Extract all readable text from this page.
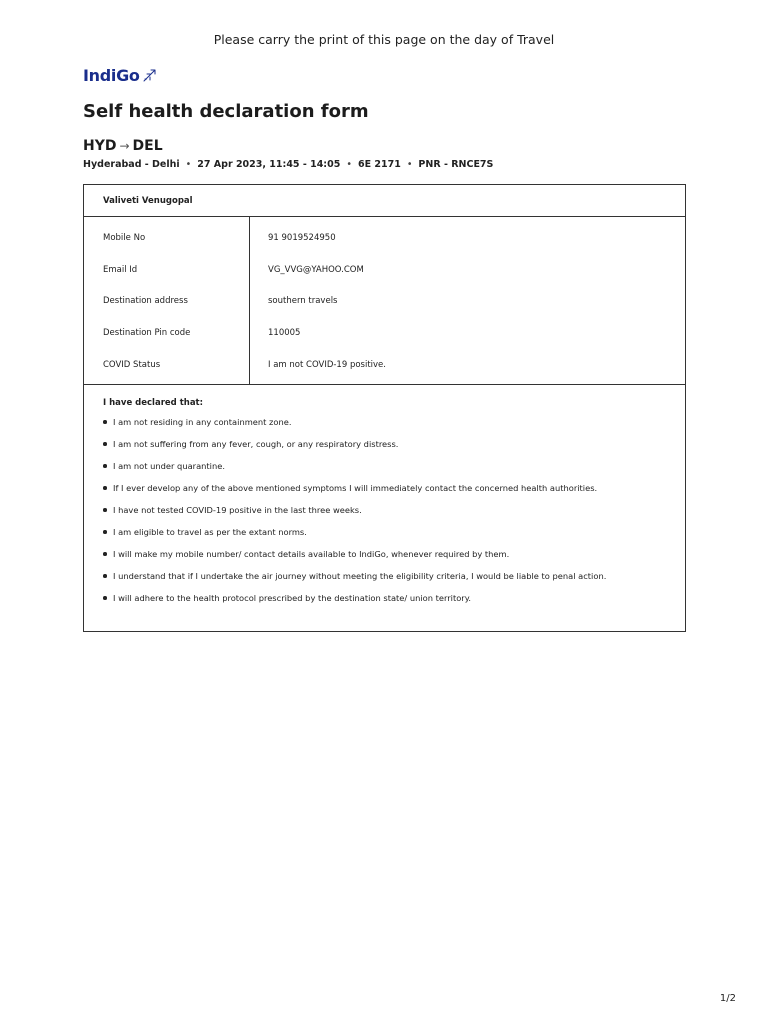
Please carry the print of this page on the day of Travel
IndiGo
Self health declaration form
HYD → DEL
Hyderabad - Delhi • 27 Apr 2023, 11:45 - 14:05 • 6E 2171 • PNR - RNCE7S
Valiveti Venugopal
Mobile No	91 9019524950
Email Id	VG_VVG@YAHOO.COM
Destination address	southern travels
Destination Pin code	110005
COVID Status	I am not COVID-19 positive.
I have declared that:
I am not residing in any containment zone.
I am not suffering from any fever, cough, or any respiratory distress.
I am not under quarantine.
If I ever develop any of the above mentioned symptoms I will immediately contact the concerned health authorities.
I have not tested COVID-19 positive in the last three weeks.
I am eligible to travel as per the extant norms.
I will make my mobile number/ contact details available to IndiGo, whenever required by them.
I understand that if I undertake the air journey without meeting the eligibility criteria, I would be liable to penal action.
I will adhere to the health protocol prescribed by the destination state/ union territory.
1/2
